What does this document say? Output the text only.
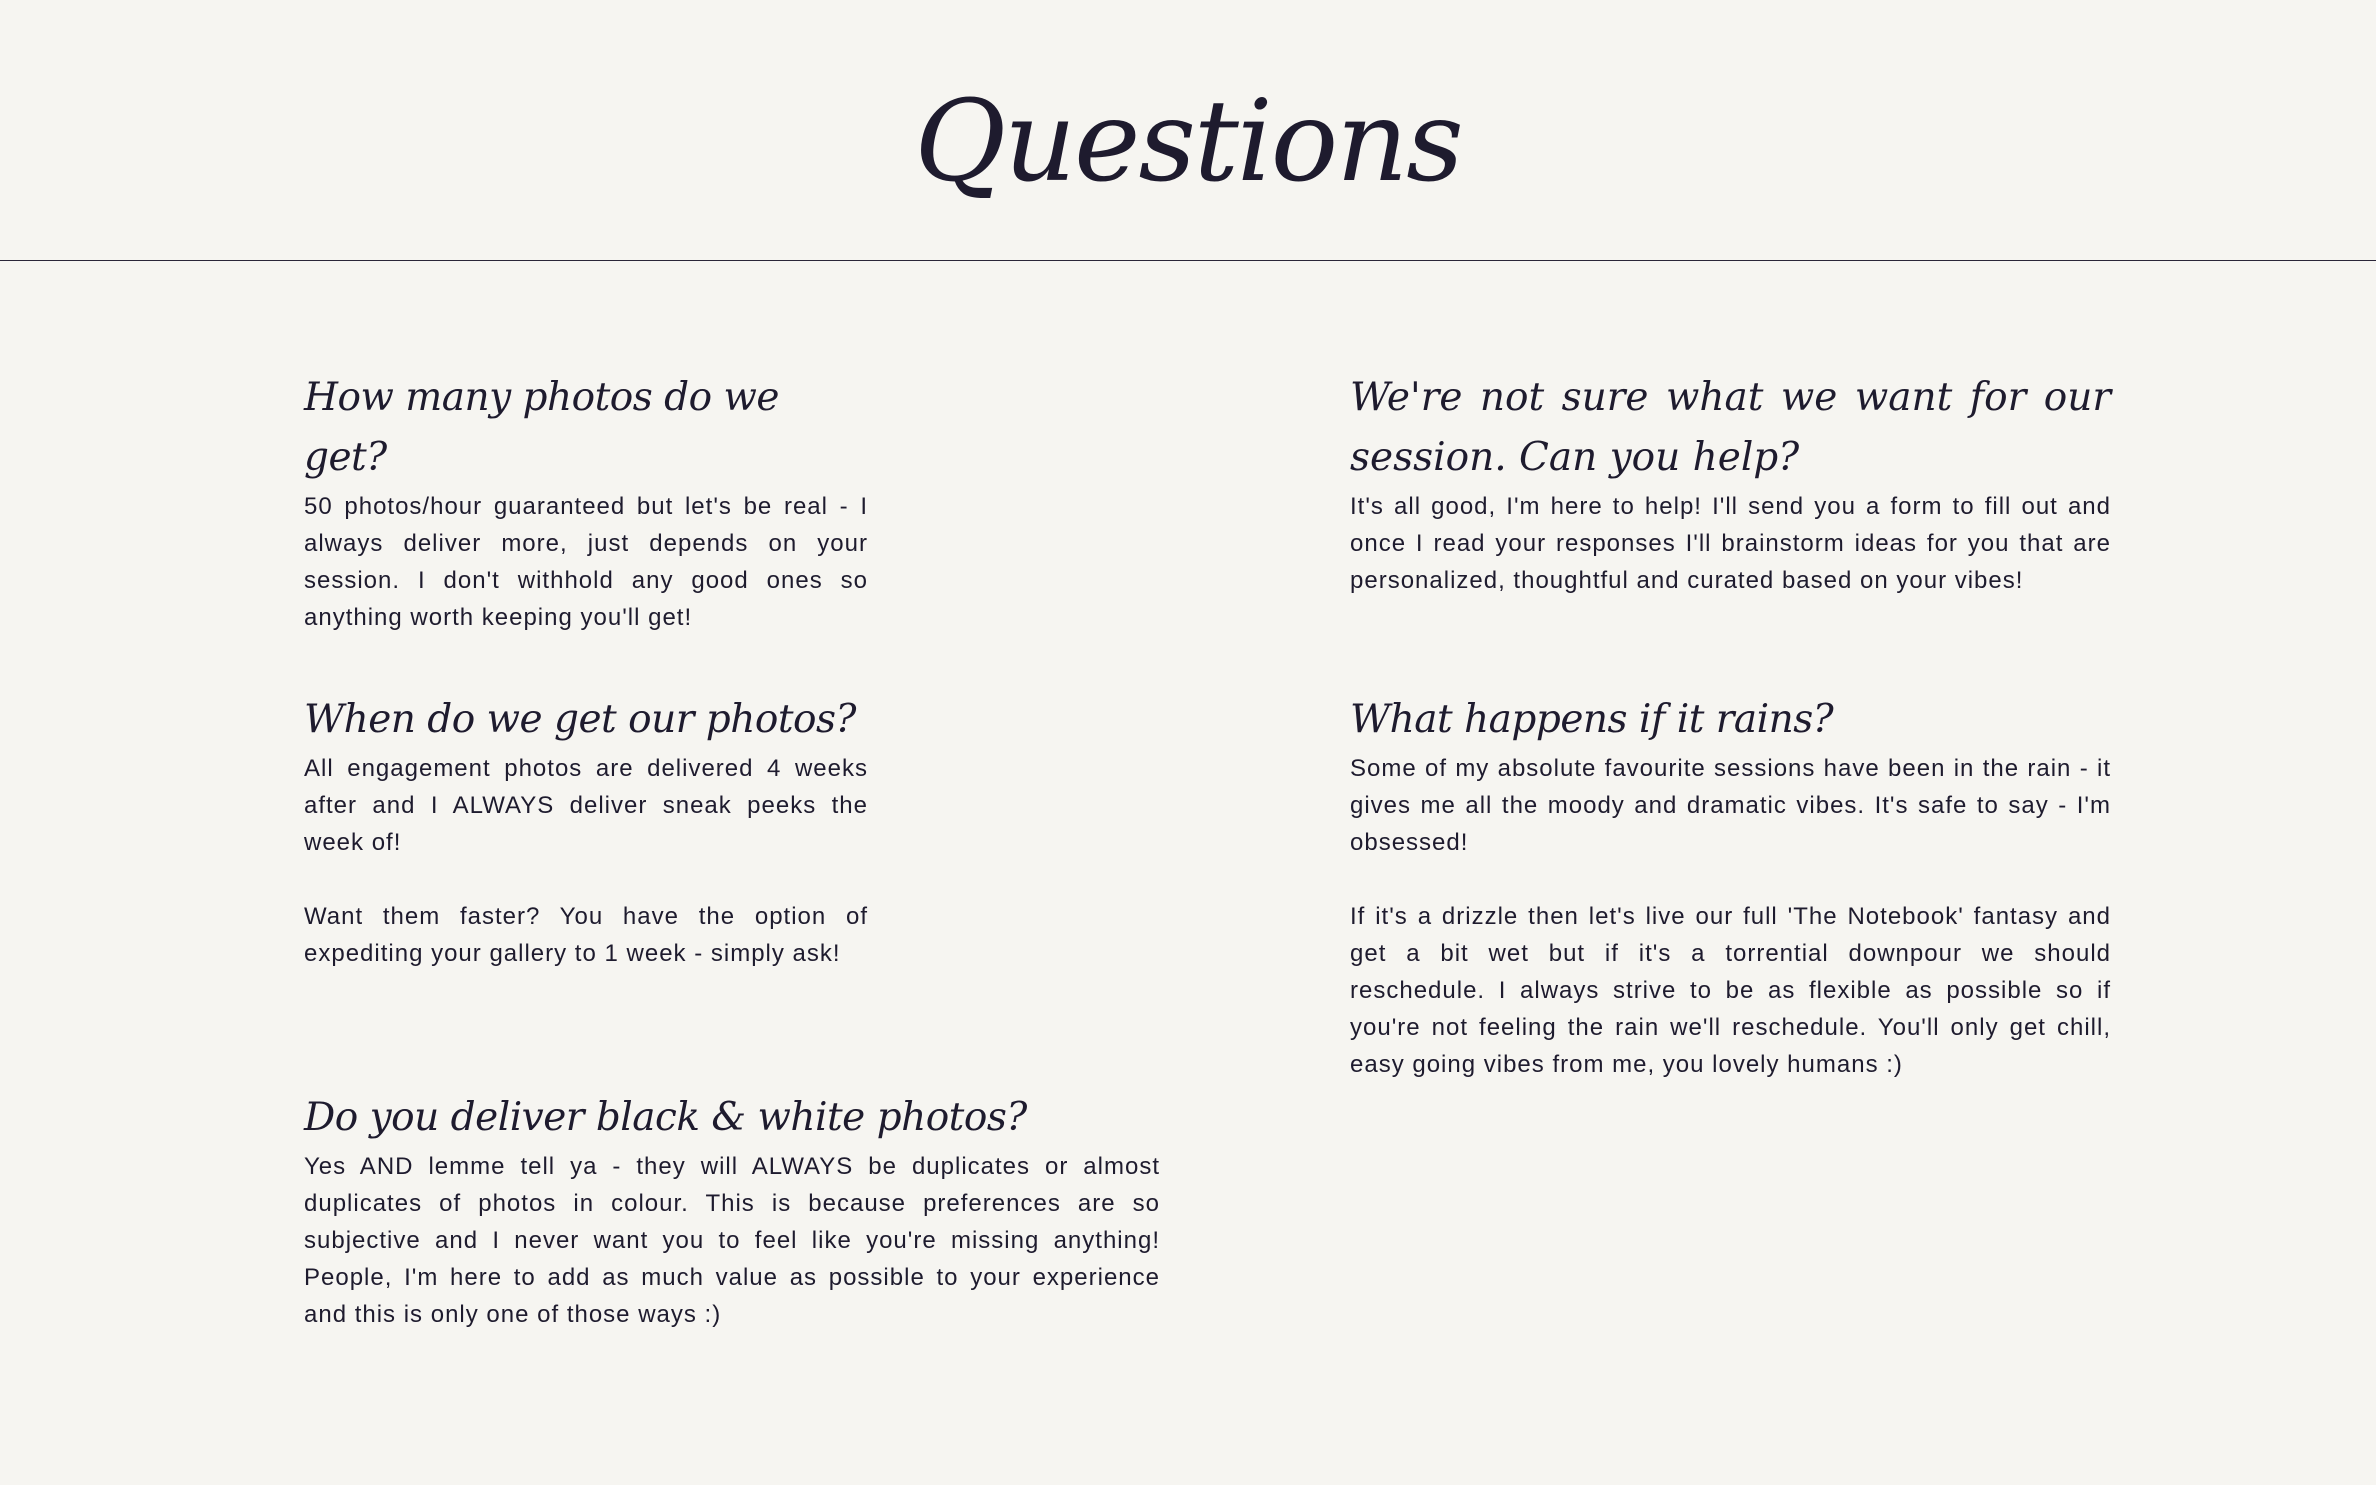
Questions
How many photos do we get?

50 photos/hour guaranteed but let's be real - I always deliver more, just depends on your session. I don't withhold any good ones so anything worth keeping you'll get!

We're not sure what we want for our session. Can you help?

It's all good, I'm here to help! I'll send you a form to fill out and once I read your responses I'll brainstorm ideas for you that are personalized, thoughtful and curated based on your vibes!

When do we get our photos?

All engagement photos are delivered 4 weeks after and I ALWAYS deliver sneak peeks the week of!

Want them faster? You have the option of expediting your gallery to 1 week - simply ask!

What happens if it rains?

Some of my absolute favourite sessions have been in the rain - it gives me all the moody and dramatic vibes. It's safe to say - I'm obsessed!

If it's a drizzle then let's live our full 'The Notebook' fantasy and get a bit wet but if it's a torrential downpour we should reschedule. I always strive to be as flexible as possible so if you're not feeling the rain we'll reschedule. You'll only get chill, easy going vibes from me, you lovely humans :)

Do you deliver black & white photos?

Yes AND lemme tell ya - they will ALWAYS be duplicates or almost duplicates of photos in colour. This is because preferences are so subjective and I never want you to feel like you're missing anything! People, I'm here to add as much value as possible to your experience and this is only one of those ways :)
